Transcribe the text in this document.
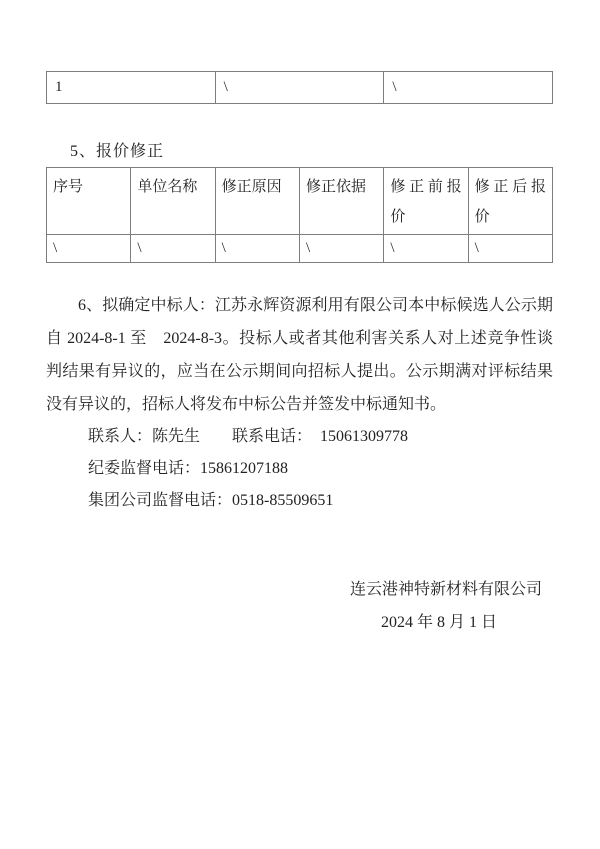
1	\	\
5、报价修正
序号	单位名称	修正原因	修正依据	修正前报价	修正后报价
\	\	\	\	\	\

6、拟确定中标人：江苏永辉资源利用有限公司本中标候选人公示期自 2024-8-1 至　2024-8-3。投标人或者其他利害关系人对上述竞争性谈判结果有异议的，应当在公示期间向招标人提出。公示期满对评标结果没有异议的，招标人将发布中标公告并签发中标通知书。

联系人：陈先生　　联系电话：　15061309778
纪委监督电话：15861207188
集团公司监督电话：0518-85509651
连云港神特新材料有限公司
2024 年 8 月 1 日
